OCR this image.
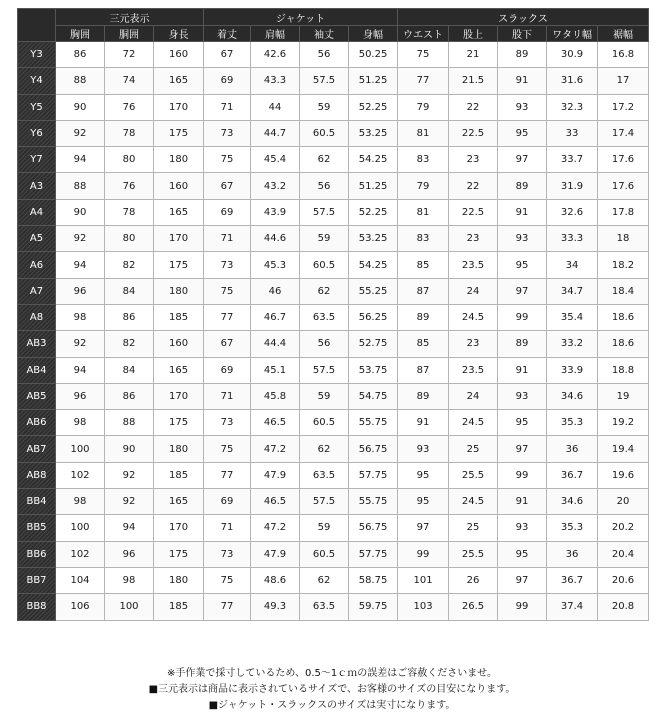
	三元表示			ジャケット				スラックス				
	胸囲	胴囲	身長	着丈	肩幅	袖丈	身幅	ウエスト	股上	股下	ワタリ幅	裾幅
Y3	86	72	160	67	42.6	56	50.25	75	21	89	30.9	16.8
Y4	88	74	165	69	43.3	57.5	51.25	77	21.5	91	31.6	17
Y5	90	76	170	71	44	59	52.25	79	22	93	32.3	17.2
Y6	92	78	175	73	44.7	60.5	53.25	81	22.5	95	33	17.4
Y7	94	80	180	75	45.4	62	54.25	83	23	97	33.7	17.6
A3	88	76	160	67	43.2	56	51.25	79	22	89	31.9	17.6
A4	90	78	165	69	43.9	57.5	52.25	81	22.5	91	32.6	17.8
A5	92	80	170	71	44.6	59	53.25	83	23	93	33.3	18
A6	94	82	175	73	45.3	60.5	54.25	85	23.5	95	34	18.2
A7	96	84	180	75	46	62	55.25	87	24	97	34.7	18.4
A8	98	86	185	77	46.7	63.5	56.25	89	24.5	99	35.4	18.6
AB3	92	82	160	67	44.4	56	52.75	85	23	89	33.2	18.6
AB4	94	84	165	69	45.1	57.5	53.75	87	23.5	91	33.9	18.8
AB5	96	86	170	71	45.8	59	54.75	89	24	93	34.6	19
AB6	98	88	175	73	46.5	60.5	55.75	91	24.5	95	35.3	19.2
AB7	100	90	180	75	47.2	62	56.75	93	25	97	36	19.4
AB8	102	92	185	77	47.9	63.5	57.75	95	25.5	99	36.7	19.6
BB4	98	92	165	69	46.5	57.5	55.75	95	24.5	91	34.6	20
BB5	100	94	170	71	47.2	59	56.75	97	25	93	35.3	20.2
BB6	102	96	175	73	47.9	60.5	57.75	99	25.5	95	36	20.4
BB7	104	98	180	75	48.6	62	58.75	101	26	97	36.7	20.6
BB8	106	100	185	77	49.3	63.5	59.75	103	26.5	99	37.4	20.8
※手作業で採寸しているため、0.5〜1ｃｍの誤差はご容赦くださいませ。
■三元表示は商品に表示されているサイズで、お客様のサイズの目安になります。
■ジャケット・スラックスのサイズは実寸になります。
